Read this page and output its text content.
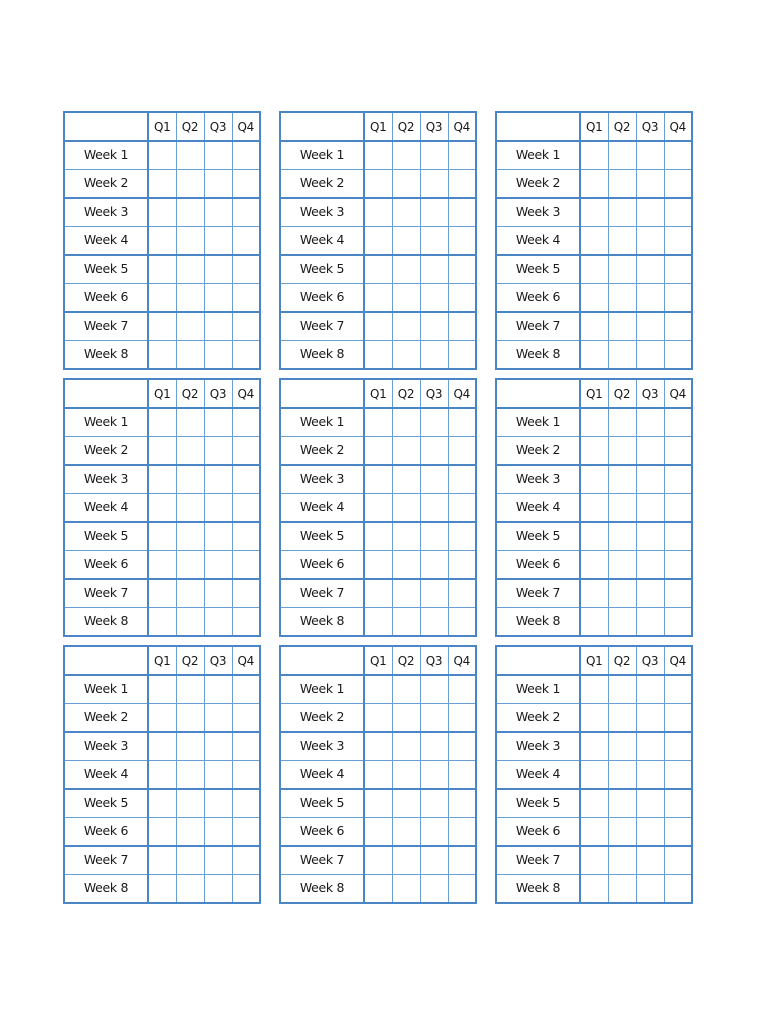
	Q1	Q2	Q3	Q4
Week 1				
Week 2				
Week 3				
Week 4				
Week 5				
Week 6				
Week 7				
Week 8				
	Q1	Q2	Q3	Q4
Week 1				
Week 2				
Week 3				
Week 4				
Week 5				
Week 6				
Week 7				
Week 8				
	Q1	Q2	Q3	Q4
Week 1				
Week 2				
Week 3				
Week 4				
Week 5				
Week 6				
Week 7				
Week 8				
	Q1	Q2	Q3	Q4
Week 1				
Week 2				
Week 3				
Week 4				
Week 5				
Week 6				
Week 7				
Week 8				
	Q1	Q2	Q3	Q4
Week 1				
Week 2				
Week 3				
Week 4				
Week 5				
Week 6				
Week 7				
Week 8				
	Q1	Q2	Q3	Q4
Week 1				
Week 2				
Week 3				
Week 4				
Week 5				
Week 6				
Week 7				
Week 8				
	Q1	Q2	Q3	Q4
Week 1				
Week 2				
Week 3				
Week 4				
Week 5				
Week 6				
Week 7				
Week 8				
	Q1	Q2	Q3	Q4
Week 1				
Week 2				
Week 3				
Week 4				
Week 5				
Week 6				
Week 7				
Week 8				
	Q1	Q2	Q3	Q4
Week 1				
Week 2				
Week 3				
Week 4				
Week 5				
Week 6				
Week 7				
Week 8				
